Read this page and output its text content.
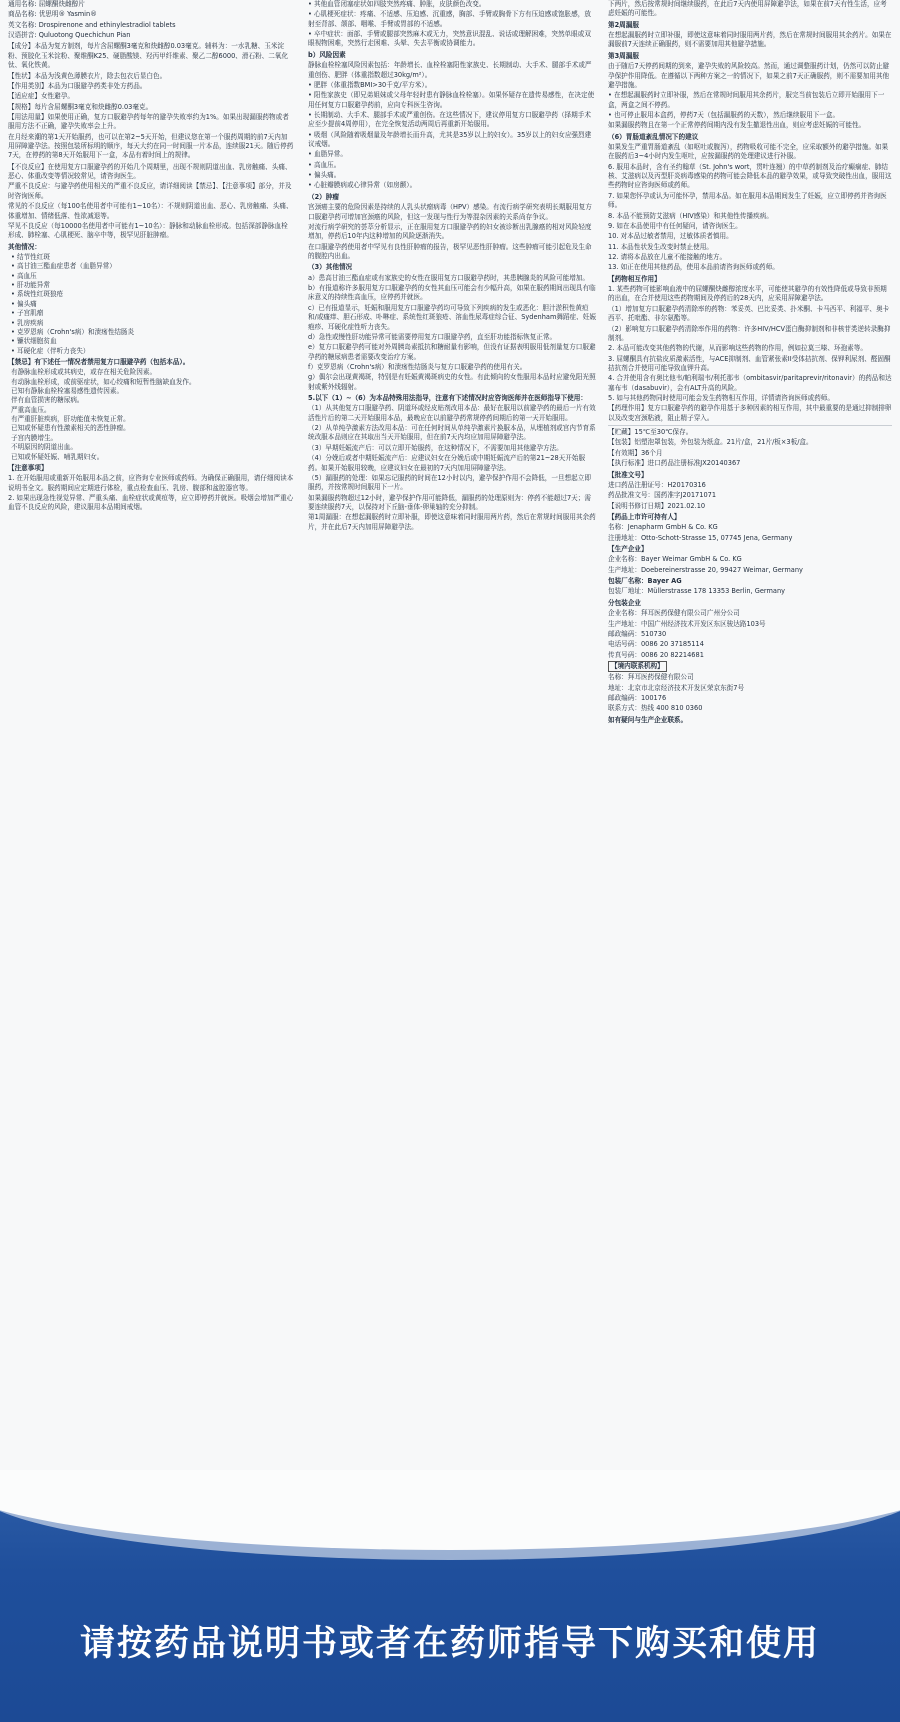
通用名称: 屈螺酮炔雌醇片

商品名称: 优思明® Yasmin®

英文名称: Drospirenone and ethinylestradiol tablets

汉语拼音: Quluotong Quechichun Pian

【成分】本品为复方制剂，每片含屈螺酮3毫克和炔雌醇0.03毫克。辅料为：一水乳糖、玉米淀粉、预胶化玉米淀粉、聚维酮K25、硬脂酸镁、羟丙甲纤维素、聚乙二醇6000、滑石粉、二氧化钛、氧化铁黄。

【性状】本品为浅黄色薄膜衣片，除去包衣后显白色。

【作用类别】本品为口服避孕药类非处方药品。

【适应症】女性避孕。

【规格】每片含屈螺酮3毫克和炔雌醇0.03毫克。

【用法用量】如果使用正确，复方口服避孕药每年的避孕失败率约为1%。如果出现漏服药物或者服用方法不正确，避孕失败率会上升。

在月经来潮的第1天开始服药，也可以在第2~5天开始，但建议您在第一个服药周期的前7天内加用屏障避孕法。按照包装所标明的顺序，每天大约在同一时间服一片本品，连续服21天。随后停药7天，在停药的第8天开始服用下一盒，本品有着时间上的规律。

【不良反应】在使用复方口服避孕药的开始几个周期里，出现不规则阴道出血、乳房触痛、头痛、恶心、体重改变等情况较常见，请咨询医生。

严重不良反应：与避孕药使用相关的严重不良反应，请详细阅读【禁忌】、【注意事项】部分，并及时咨询医师。

常见的不良反应（每100名使用者中可能有1~10名）：不规则阴道出血、恶心、乳房触痛、头痛、体重增加、情绪低落、性欲减退等。

罕见不良反应（每10000名使用者中可能有1~10名）：静脉和动脉血栓形成。包括深部静脉血栓形成、肺栓塞、心肌梗死、脑卒中等，极罕见肝脏肿瘤。

其他情况：

• 结节性红斑
• 高甘油三酯血症患者（血脂异常）
• 高血压
• 肝功能异常
• 系统性红斑狼疮
• 偏头痛
• 子宫肌瘤
• 乳房疾病
• 克罗恩病（Crohn's病）和溃疡性结肠炎
• 镰状细胞贫血
• 耳硬化症（伴听力丧失）

【禁忌】有下述任一情况者禁用复方口服避孕药（包括本品）。

有静脉血栓形成或其病史，或存在相关危险因素。
有动脉血栓形成，或前驱症状，如心绞痛和短暂性脑缺血发作。
已知有静脉血栓栓塞易感性遗传因素。
伴有血管损害的糖尿病。
严重高血压。
有严重肝脏疾病，肝功能值未恢复正常。
已知或怀疑患有性激素相关的恶性肿瘤。
子宫内膜增生。
不明原因的阴道出血。
已知或怀疑妊娠、哺乳期妇女。

【注意事项】

1. 在开始服用或重新开始服用本品之前，应咨询专业医师或药师。为确保正确服用，请仔细阅读本说明书全文。服药期间应定期进行体检，重点检查血压、乳房、腹部和盆腔器官等。

2. 如果出现急性视觉异常、严重头痛、血栓症状或黄疸等，应立即停药并就医。吸烟会增加严重心血管不良反应的风险，建议服用本品期间戒烟。

• 其他血管闭塞症状如四肢突然疼痛、肿胀，皮肤颜色改变。

• 心肌梗死症状：疼痛、不适感、压迫感、沉重感，胸部、手臂或胸骨下方有压迫感或饱胀感，放射至背部、颌部、咽喉、手臂或胃部的不适感。

• 卒中症状：面部、手臂或腿部突然麻木或无力，突然意识混乱、说话或理解困难，突然单眼或双眼视物困难，突然行走困难、头晕、失去平衡或协调能力。

b）风险因素

静脉血栓栓塞风险因素包括：年龄增长、血栓栓塞阳性家族史、长期制动、大手术、腿部手术或严重创伤、肥胖（体重指数超过30kg/m²）。

• 肥胖（体重指数BMI>30千克/平方米）。

• 阳性家族史（即兄弟姐妹或父母年轻时患有静脉血栓栓塞）。如果怀疑存在遗传易感性，在决定使用任何复方口服避孕药前，应向专科医生咨询。

• 长期制动、大手术、腿部手术或严重创伤。在这些情况下，建议停用复方口服避孕药（择期手术应至少提前4周停用），在完全恢复活动两周后再重新开始服用。

• 吸烟（风险随着吸烟量及年龄增长而升高，尤其是35岁以上的妇女）。35岁以上的妇女应强烈建议戒烟。

• 血脂异常。

• 高血压。

• 偏头痛。

• 心脏瓣膜病或心律异常（如房颤）。

（2）肿瘤

宫颈癌主要的危险因素是持续的人乳头状瘤病毒（HPV）感染。有流行病学研究表明长期服用复方口服避孕药可增加宫颈癌的风险，但这一发现与性行为等混杂因素的关系尚存争议。

对流行病学研究的荟萃分析显示，正在服用复方口服避孕药的妇女被诊断出乳腺癌的相对风险轻度增加，停药后10年内这种增加的风险逐渐消失。

在口服避孕药使用者中罕见有良性肝肿瘤的报告，极罕见恶性肝肿瘤。这些肿瘤可能引起危及生命的腹腔内出血。

（3）其他情况

a）患高甘油三酯血症或有家族史的女性在服用复方口服避孕药时，其患胰腺炎的风险可能增加。

b）有报道称许多服用复方口服避孕药的女性其血压可能会有少幅升高，如果在服药期间出现具有临床意义的持续性高血压，应停药并就医。

c）已有报道显示，妊娠和服用复方口服避孕药均可导致下列疾病的发生或恶化：胆汁淤积性黄疸和/或瘙痒、胆石形成、卟啉症、系统性红斑狼疮、溶血性尿毒症综合征、Sydenham舞蹈症、妊娠疱疹、耳硬化症性听力丧失。

d）急性或慢性肝功能异常可能需要停用复方口服避孕药，直至肝功能指标恢复正常。

e）复方口服避孕药可能对外周胰岛素抵抗和糖耐量有影响，但没有证据表明服用低剂量复方口服避孕药的糖尿病患者需要改变治疗方案。

f）克罗恩病（Crohn's病）和溃疡性结肠炎与复方口服避孕药的使用有关。

g）偶尔会出现黄褐斑，特别是有妊娠黄褐斑病史的女性。有此倾向的女性服用本品时应避免阳光照射或紫外线辐射。

5.以下（1）~（6）为本品特殊用法指导，注意有下述情况时应咨询医师并在医师指导下使用：

（1）从其他复方口服避孕药、阴道环或经皮贴剂改用本品：最好在服用以前避孕药的最后一片有效活性片后的第二天开始服用本品，最晚应在以前避孕药常规停药间期后的第一天开始服用。

（2）从单纯孕激素方法改用本品：可在任何时间从单纯孕激素片换服本品，从埋植剂或宫内节育系统改服本品则应在其取出当天开始服用，但在前7天内均应加用屏障避孕法。

（3）早期妊娠流产后：可以立即开始服药，在这种情况下，不需要加用其他避孕方法。

（4）分娩后或者中期妊娠流产后：应建议妇女在分娩后或中期妊娠流产后的第21~28天开始服药。如果开始服用较晚，应建议妇女在最初的7天内加用屏障避孕法。

（5）漏服药的处理：如果忘记服药的时间在12小时以内，避孕保护作用不会降低，一旦想起立即服药，并按常规时间服用下一片。

如果漏服药物超过12小时，避孕保护作用可能降低，漏服药的处理原则为：停药不能超过7天；需要连续服药7天，以保持对下丘脑-垂体-卵巢轴的充分抑制。

第1周漏服：在想起漏服药时立即补服，即使这意味着同时服用两片药，然后在常规时间服用其余药片，并在此后7天内加用屏障避孕法。

下两片，然后按常规时间继续服药，在此后7天内使用屏障避孕法，如果在前7天有性生活，应考虑妊娠的可能性。

第2周漏服

在想起漏服药时立即补服，即使这意味着同时服用两片药，然后在常规时间服用其余药片。如果在漏服前7天连续正确服药，则不需要加用其他避孕措施。

第3周漏服

由于随后7天停药间期的到来，避孕失败的风险较高。然而，通过调整服药计划，仍然可以防止避孕保护作用降低。在遵循以下两种方案之一的情况下，如果之前7天正确服药，则不需要加用其他避孕措施。

• 在想起漏服药时立即补服，然后在常规时间服用其余药片，服完当前包装后立即开始服用下一盒，两盒之间不停药。

• 也可停止服用本盒药，停药7天（包括漏服药的天数），然后继续服用下一盒。

如果漏服药物且在第一个正常停药间期内没有发生撤退性出血，则应考虑妊娠的可能性。

（6）胃肠道紊乱情况下的建议

如果发生严重胃肠道紊乱（如呕吐或腹泻），药物吸收可能不完全，应采取额外的避孕措施。如果在服药后3~4小时内发生呕吐，应按漏服药的处理建议进行补服。

6. 服用本品时，含有圣约翰草（St. John's wort，贯叶连翘）的中草药制剂及治疗癫痫症、肺结核、艾滋病以及丙型肝炎病毒感染的药物可能会降低本品的避孕效果，或导致突破性出血，服用这些药物时应咨询医师或药师。

7. 如果您怀孕或认为可能怀孕，禁用本品。如在服用本品期间发生了妊娠，应立即停药并咨询医师。

8. 本品不能预防艾滋病（HIV感染）和其他性传播疾病。

9. 如在本品使用中有任何疑问，请咨询医生。

10. 对本品过敏者禁用，过敏体质者慎用。

11. 本品性状发生改变时禁止使用。

12. 请将本品放在儿童不能接触的地方。

13. 如正在使用其他药品，使用本品前请咨询医师或药师。

【药物相互作用】

1. 某些药物可能影响血液中的屈螺酮炔雌醇浓度水平，可能使其避孕的有效性降低或导致非预期的出血，在合并使用这些药物期间及停药后的28天内，应采用屏障避孕法。

（1）增加复方口服避孕药清除率的药物：苯妥英、巴比妥类、扑米酮、卡马西平、利福平、奥卡西平、托吡酯、非尔氨酯等。

（2）影响复方口服避孕药清除率作用的药物：许多HIV/HCV蛋白酶抑制剂和非核苷类逆转录酶抑制剂。

2. 本品可能改变其他药物的代谢，从而影响这些药物的作用，例如拉莫三嗪、环孢素等。

3. 屈螺酮具有抗盐皮质激素活性，与ACE抑制剂、血管紧张素II受体拮抗剂、保钾利尿剂、醛固酮拮抗剂合并使用可能导致血钾升高。

4. 合并使用含有奥比他韦/帕利瑞韦/利托那韦（ombitasvir/paritaprevir/ritonavir）的药品和达塞布韦（dasabuvir），会有ALT升高的风险。

5. 如与其他药物同时使用可能会发生药物相互作用，详情请咨询医师或药师。

【药理作用】复方口服避孕药的避孕作用基于多种因素的相互作用，其中最重要的是通过抑制排卵以及改变宫颈粘液，阻止精子穿入。

【贮藏】15℃至30℃保存。

【包装】铝塑泡罩包装，外包装为纸盒。21片/盒，21片/板×3板/盒。

【有效期】36个月

【执行标准】进口药品注册标准JX20140367

【批准文号】

进口药品注册证号：H20170316

药品批准文号：国药准字J20171071

【说明书修订日期】2021.02.10

【药品上市许可持有人】

名称：Jenapharm GmbH & Co. KG

注册地址：Otto-Schott-Strasse 15, 07745 Jena, Germany

【生产企业】

企业名称：Bayer Weimar GmbH & Co. KG

生产地址：Doebereinerstrasse 20, 99427 Weimar, Germany

包装厂名称：Bayer AG

包装厂地址：Müllerstrasse 178 13353 Berlin, Germany

分包装企业

企业名称：拜耳医药保健有限公司广州分公司

生产地址：中国广州经济技术开发区东区骏达路103号

邮政编码：510730

电话号码：0086 20 37185114

传真号码：0086 20 82214681

【境内联系机构】

名称：拜耳医药保健有限公司

地址：北京市北京经济技术开发区荣京东街7号

邮政编码：100176

联系方式：热线 400 810 0360

如有疑问与生产企业联系。

请按药品说明书或者在药师指导下购买和使用
